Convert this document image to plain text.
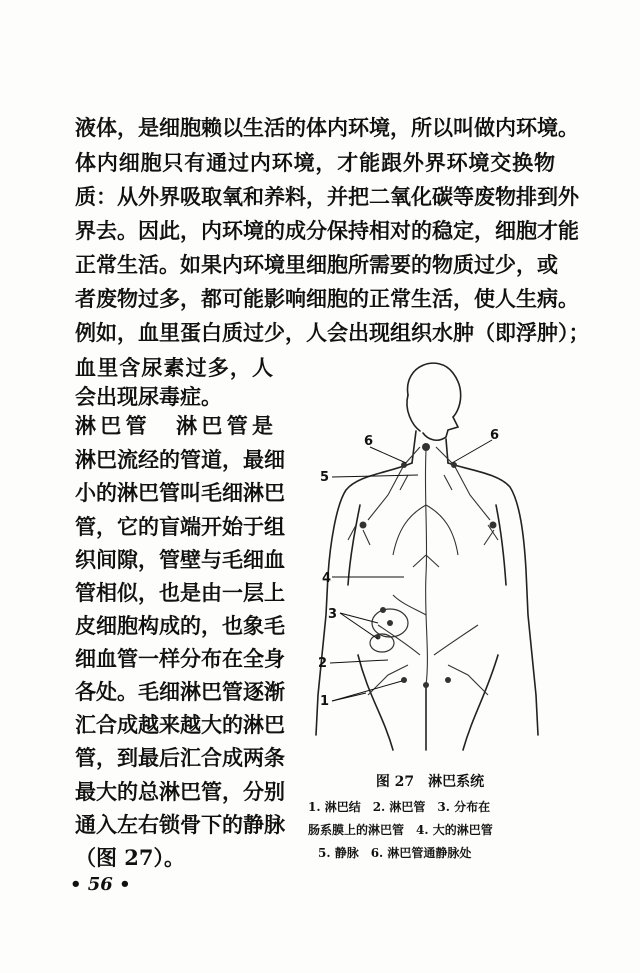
液体，是细胞赖以生活的体内环境，所以叫做内环境。
体内细胞只有通过内环境，才能跟外界环境交换物
质：从外界吸取氧和养料，并把二氧化碳等废物排到外
界去。因此，内环境的成分保持相对的稳定，细胞才能
正常生活。如果内环境里细胞所需要的物质过少，或
者废物过多，都可能影响细胞的正常生活，使人生病。
例如，血里蛋白质过少，人会出现组织水肿（即浮肿）；
血里含尿素过多，人
会出现尿毒症。
淋巴管　淋巴管是
淋巴流经的管道，最细
小的淋巴管叫毛细淋巴
管，它的盲端开始于组
织间隙，管壁与毛细血
管相似，也是由一层上
皮细胞构成的，也象毛
细血管一样分布在全身
各处。毛细淋巴管逐渐
汇合成越来越大的淋巴
管，到最后汇合成两条
最大的总淋巴管，分别
通入左右锁骨下的静脉
（图 27）。
6	6
5
4
3
2
1
图 27　淋巴系统
1. 淋巴结　2. 淋巴管　3. 分布在
肠系膜上的淋巴管　4. 大的淋巴管
5. 静脉　6. 淋巴管通静脉处
• 56 •
